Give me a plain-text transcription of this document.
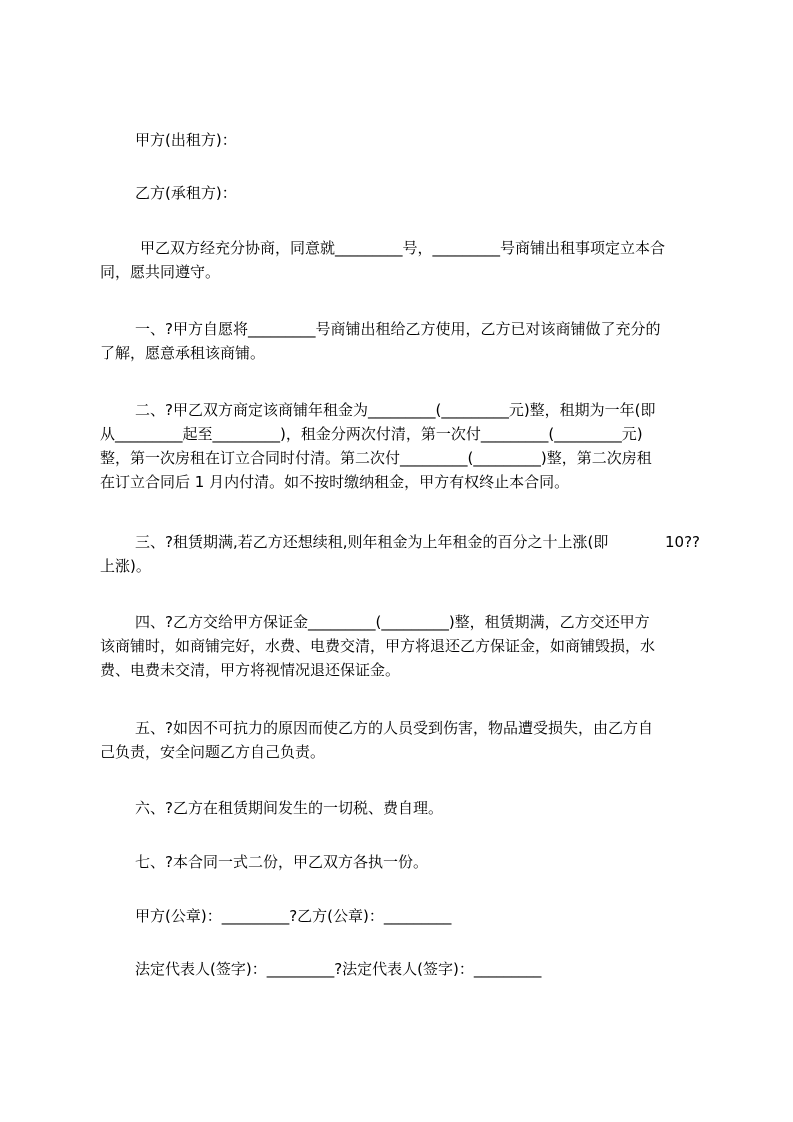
甲方(出租方)：

乙方(承租方)：

甲乙双方经充分协商，同意就_________号，_________号商铺出租事项定立本合
同，愿共同遵守。

一、?甲方自愿将_________号商铺出租给乙方使用，乙方已对该商铺做了充分的
了解，愿意承租该商铺。

二、?甲乙双方商定该商铺年租金为_________(_________元)整，租期为一年(即
从_________起至_________)，租金分两次付清，第一次付_________(_________元)
整，第一次房租在订立合同时付清。第二次付_________(_________)整，第二次房租
在订立合同后 1 月内付清。如不按时缴纳租金，甲方有权终止本合同。

三、?租赁期满,若乙方还想续租,则年租金为上年租金的百分之十上涨(即	10??
上涨)。

四、?乙方交给甲方保证金_________(_________)整，租赁期满，乙方交还甲方
该商铺时，如商铺完好，水费、电费交清，甲方将退还乙方保证金，如商铺毁损，水
费、电费未交清，甲方将视情况退还保证金。

五、?如因不可抗力的原因而使乙方的人员受到伤害，物品遭受损失，由乙方自
己负责，安全问题乙方自己负责。

六、?乙方在租赁期间发生的一切税、费自理。

七、?本合同一式二份，甲乙双方各执一份。

甲方(公章)：_________?乙方(公章)：_________

法定代表人(签字)：_________?法定代表人(签字)：_________
